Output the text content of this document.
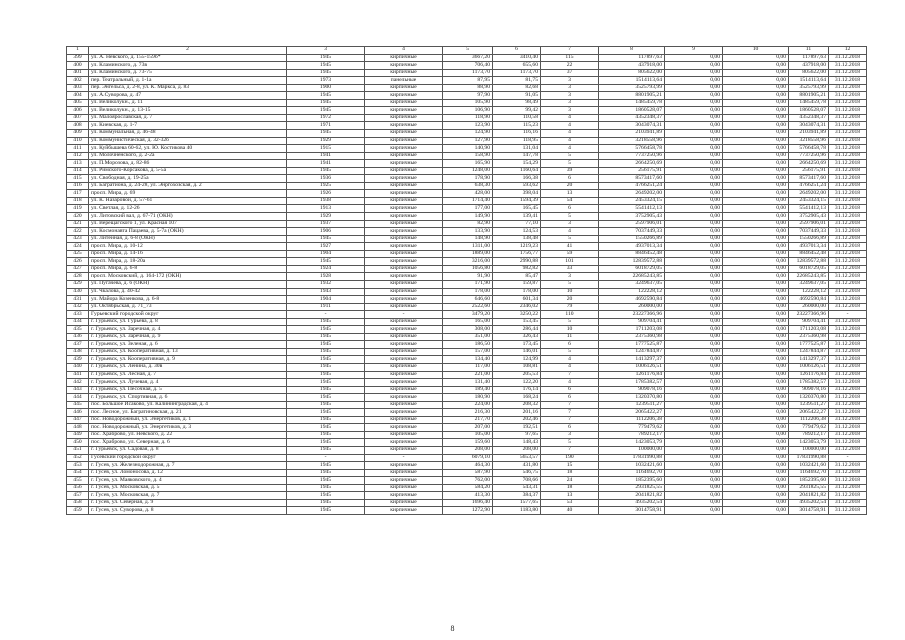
1	2	3	4	5	6	7	8	9	10	11	12
399	ул. А. Невского, д. 155-159б*	1945	кирпичные	3667,20	3410,40	115	117897,63	0,00	0,00	117897,63	31.12.2018
400	ул. Кламинского, д. 73в	1945	кирпичные	706,40	655,60	22	437918,00	0,00	0,00	437918,00	31.12.2018
401	ул. Кламинского, д. 73-75	1945	кирпичные	1173,70	1173,70	37	805622,00	0,00	0,00	805622,00	31.12.2018
402	пер. Театральный, д. 1-1а	1973	панельные	87,95	81,75	3	1514113,64	0,00	0,00	1514113,64	31.12.2018
403	пер. Энгельса, д. 2-8, ул. К. Маркса, д. 83	1900	кирпичные	88,90	82,68	3	3525793,99	0,00	0,00	3525793,99	31.12.2018
404	ул. А.Суворова, д. 47	1945	кирпичные	97,90	91,05	3	8801905,21	0,00	0,00	8801905,21	31.12.2018
405	ул. Великолукн., д. 11	1945	кирпичные	105,90	98,49	3	1485459,78	0,00	0,00	1485459,78	31.12.2018
406	ул. Великолукн., д. 13-15	1945	кирпичные	106,90	99,42	3	1860528,07	0,00	0,00	1860528,07	31.12.2018
407	ул. Малоярославская, д. 7	1972	кирпичные	118,90	110,58	4	4352348,37	0,00	0,00	4352348,37	31.12.2018
408	ул. Киевская, д. 1-7	1971	кирпичные	123,90	115,23	4	3043074,31	0,00	0,00	3043074,31	31.12.2018
409	ул. Коммунальная, д. 46-48	1945	кирпичные	124,90	116,16	4	2103941,89	0,00	0,00	2103941,89	31.12.2018
410	ул. Коммунистическая, д. 32-32б	1929	кирпичные	127,90	118,95	4	3218558,96	0,00	0,00	3218558,96	31.12.2018
411	ул. Куйбышева 60-62, ул. Ю. Костикова 40	1915	кирпичные	140,90	131,04	4	5766458,78	0,00	0,00	5766458,78	31.12.2018
412	ул. Молочненского, д. 2-2а	1941	кирпичные	158,90	147,78	5	7737250,96	0,00	0,00	7737250,96	31.12.2018
413	ул. П.Морозова, д. 82-86	1941	кирпичные	165,90	154,29	5	2664250,69	0,00	0,00	2664250,69	31.12.2018
414	ул. Римского-Корсакова, д. 5-5а	1945	кирпичные	1248,00	1160,64	39	256175,91	0,00	0,00	256175,91	31.12.2018
415	ул. Свободная, д. 19-25а	1936	кирпичные	178,90	166,38	6	8573417,60	0,00	0,00	8573417,60	31.12.2018
416	ул. Багратиона, д. 24-28, ул. Энргохозская, д. 2	1925	кирпичные	638,30	593,62	20	4766251,24	0,00	0,00	4766251,24	31.12.2018
417	просп. Мира, д. 69	1926	кирпичные	428,00	398,04	13	2649202,00	0,00	0,00	2649202,00	31.12.2018
418	ул. К. Назаровой, д. 57-61	1938	кирпичные	1714,40	1594,39	54	2453324,15	0,00	0,00	2453324,15	31.12.2018
419	ул. Светлая, д. 12-26	1913	кирпичные	177,00	165,45	6	5541412,13	0,00	0,00	5541412,13	31.12.2018
420	ул. Литовский вал, д. 67-71 (ОКН)	1929	кирпичные	149,90	139,41	5	3752905,43	0,00	0,00	3752905,43	31.12.2018
421	ул. Верещагского 1, ул. Красная 107	1937	кирпичные	82,90	77,10	3	2597906,01	0,00	0,00	2597906,01	31.12.2018
422	ул. Космонавта Пацаева, д. 5-7а (ОКН)	1906	кирпичные	133,90	124,53	4	7037449,33	0,00	0,00	7037449,33	31.12.2018
423	ул. Литейная, д. 6-8 (ОКН)	1945	кирпичные	148,90	138,48	5	1550266,89	0,00	0,00	1550266,89	31.12.2018
424	просп. Мира, д. 10-12	1927	кирпичные	1311,00	1219,23	41	4937013,34	0,00	0,00	4937013,34	31.12.2018
425	просп. Мира, д. 14-16	1904	кирпичные	1889,00	1756,77	59	8846452,48	0,00	0,00	8846452,48	31.12.2018
426	просп. Мира, д. 18-20а	1945	кирпичные	3216,00	2990,88	101	12839572,88	0,00	0,00	12839572,88	31.12.2018
427	просп. Мира, д. 6-8	1924	кирпичные	1056,80	982,82	33	6018729,05	0,00	0,00	6018729,05	31.12.2018
428	просп. Московский, д. 164-172 (ОКН)	1928	кирпичные	91,90	85,47	3	22685243,85	0,00	0,00	22685243,85	31.12.2018
429	ул. Пугачева, д. 6 (ОКН)	1932	кирпичные	171,90	159,87	5	3249637,05	0,00	0,00	3249637,05	31.12.2018
430	ул. Чкалова, д. 40-42	1943	кирпичные	178,00	178,00	10	122228,12	0,00	0,00	122228,12	31.12.2018
431	ул. Майора Козенкова, д. 6-8	1904	кирпичные	646,60	601,34	20	4692590,84	0,00	0,00	4692590,84	31.12.2018
432	ул. Октябрьская, д. 71_73	1911	кирпичные	2522,60	2346,02	79	260000,00	0,00	0,00	260000,00	31.12.2018
433	Гурьевский городской округ	-	-	3479,20	3250,22	110	23227366,96	0,00	0,00	23227366,96	-
434	г. Гурьевск, ул. Гурьева, д. 8	1945	кирпичные	165,00	153,45	5	909704,41	0,00	0,00	909704,41	31.12.2018
435	г. Гурьевск, ул. Заречная, д. 4	1945	кирпичные	308,00	286,44	10	1711203,08	0,00	0,00	1711203,08	31.12.2018
436	г. Гурьевск, ул. Заречная, д. 9	1945	кирпичные	351,00	326,43	11	2375360,98	0,00	0,00	2375360,98	31.12.2018
437	г. Гурьевск, ул. Зеленая, д. 6	1945	кирпичные	186,50	173,45	6	1777525,87	0,00	0,00	1777525,87	31.12.2018
438	г. Гурьевск, ул. Кооперативная, д. 13	1945	кирпичные	157,00	146,01	5	1247844,87	0,00	0,00	1247844,87	31.12.2018
439	г. Гурьевск, ул. Кооперативная, д. 9	1945	кирпичные	134,40	124,99	4	1413297,37	0,00	0,00	1413297,37	31.12.2018
440	г. Гурьевск, ул. Ленина, д. 30в	1945	кирпичные	117,00	108,81	4	1006126,51	0,00	0,00	1006126,51	31.12.2018
441	г. Гурьевск, ул. Лесная, д. 7	1945	кирпичные	221,00	205,53	7	1261176,84	0,00	0,00	1261176,84	31.12.2018
442	г. Гурьевск, ул. Лучевая, д. 4	1945	кирпичные	131,40	122,20	4	1785382,57	0,00	0,00	1785382,57	31.12.2018
443	г. Гурьевск, ул. Песочная, д. 5	1945	кирпичные	189,40	176,14	6	909078,16	0,00	0,00	909078,16	31.12.2018
444	г. Гурьевск, ул. Спортивная, д. 6	1945	кирпичные	180,90	168,24	6	1320370,80	0,00	0,00	1320370,80	31.12.2018
445	пос. Большое Исаково, ул. Калининградская, д. 4	1945	кирпичные	224,00	208,32	7	1239511,27	0,00	0,00	1239511,27	31.12.2018
446	пос. Лесное, ул. Багратиновская, д. 21	1945	кирпичные	216,30	201,16	7	2065422,27	0,00	0,00	2065422,27	31.12.2018
447	пос. Новодорожный, ул. Энергетиков, д. 1	1945	кирпичные	217,70	202,46	7	1112206,38	0,00	0,00	1112206,38	31.12.2018
448	пос. Новодорожный, ул. Энергетиков, д. 3	1945	кирпичные	207,00	192,51	6	779479,62	0,00	0,00	779479,62	31.12.2018
449	пос. Храброво, ул. Невского, д. 22	1945	кирпичные	105,00	97,65	3	789212,17	0,00	0,00	789212,17	31.12.2018
450	пос. Храброво, ул. Северная, д. 6	1945	кирпичные	159,60	148,43	5	1423053,79	0,00	0,00	1423053,79	31.12.2018
451	г. Гурьевск, ул. Садовая, д. 8	1945	кирпичные	208,00	208,00	7	100000,00	0,00	0,00	100000,00	31.12.2018
452	Гусевский городской округ	-	-	6079,10	5653,57	190	17831990,88	0,00	0,00	17831990,88	-
453	г. Гусев, ул. Железнодорожная, д. 7	1945	кирпичные	464,30	431,80	15	1032421,60	0,00	0,00	1032421,60	31.12.2018
454	г. Гусев, ул. Ломоносова, д. 12	1945	кирпичные	587,90	546,75	18	1164692,70	0,00	0,00	1164692,70	31.12.2018
455	г. Гусев, ул. Маяковского, д. 4	1945	кирпичные	762,00	708,66	24	1852395,60	0,00	0,00	1852395,60	31.12.2018
456	г. Гусев, ул. Московская, д. 5	1945	кирпичные	584,20	543,31	18	2931825,55	0,00	0,00	2931825,55	31.12.2018
457	г. Гусев, ул. Московская, д. 7	1945	кирпичные	413,30	384,37	13	2041821,82	0,00	0,00	2041821,82	31.12.2018
458	г. Гусев, ул. Северная, д. 9	1945	кирпичные	1696,40	1577,65	53	4935202,54	0,00	0,00	4935202,54	31.12.2018
459	г. Гусев, ул. Суворова, д. 8	1945	кирпичные	1272,90	1183,80	40	3014758,91	0,00	0,00	3014758,91	31.12.2018
8
